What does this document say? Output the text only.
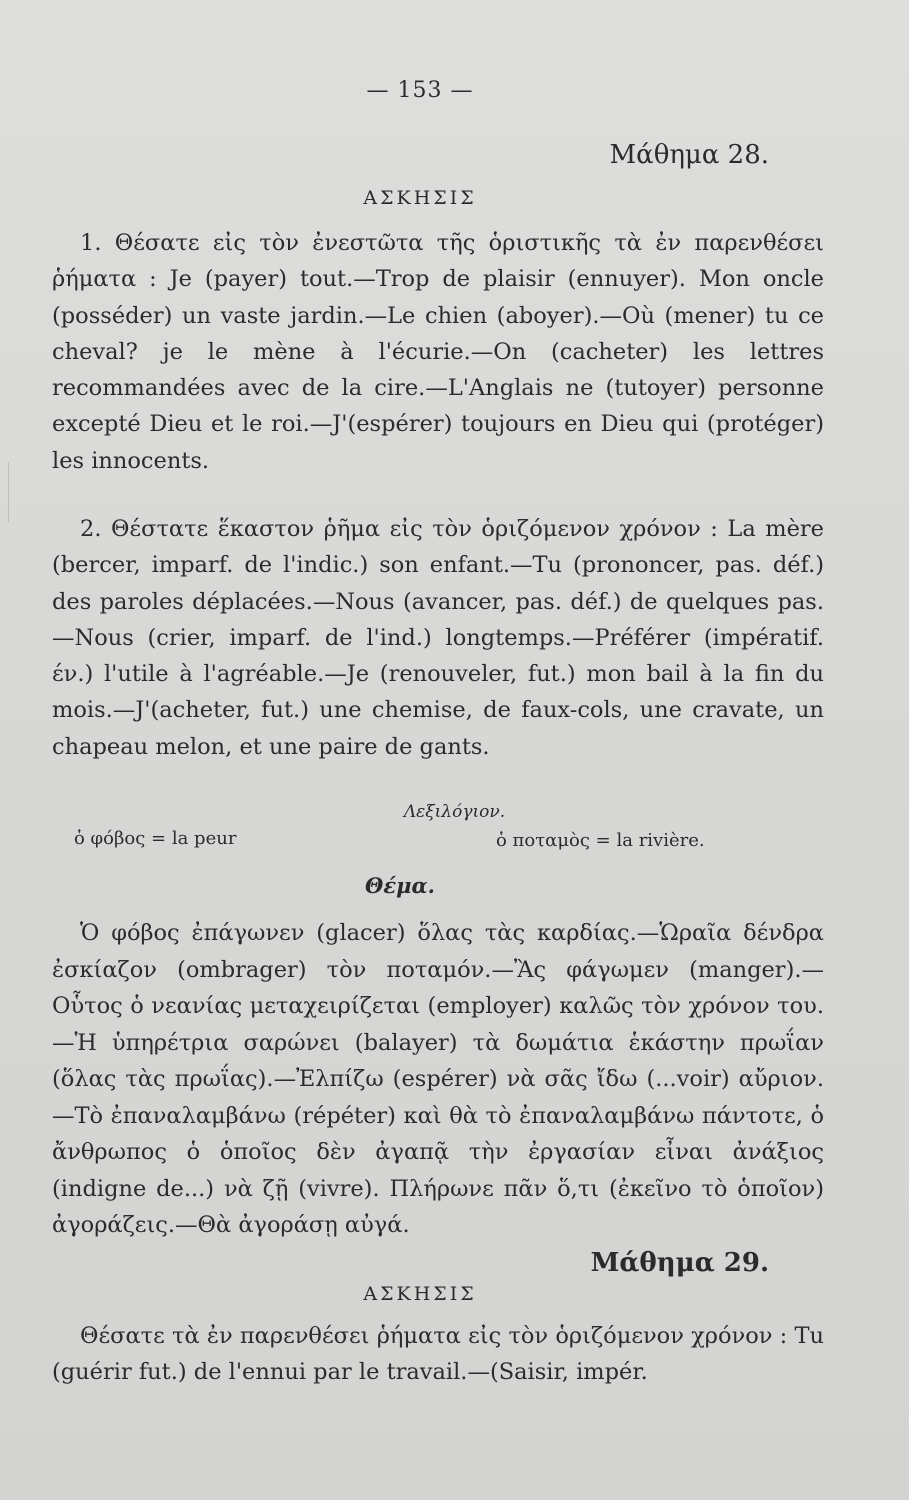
— 153 —
Μάθημα 28.
ΑΣΚΗΣΙΣ

1. Θέσατε εἰς τὸν ἐνεστῶτα τῆς ὁριστικῆς τὰ ἐν παρενθέσει ῥήματα : Je (payer) tout.—Trop de plaisir (ennuyer). Mon oncle (posséder) un vaste jardin.—Le chien (aboyer).—Où (mener) tu ce cheval? je le mène à l'écurie.—On (cacheter) les lettres recommandées avec de la cire.—L'Anglais ne (tutoyer) personne excepté Dieu et le roi.—J'(espérer) toujours en Dieu qui (protéger) les innocents.

2. Θέστατε ἕκαστον ῥῆμα εἰς τὸν ὁριζόμενον χρόνον : La mère (bercer, imparf. de l'indic.) son enfant.—Tu (prononcer, pas. déf.) des paroles déplacées.—Nous (avancer, pas. déf.) de quelques pas.—Nous (crier, imparf. de l'ind.) longtemps.—Préférer (impératif. έν.) l'utile à l'agréable.—Je (renouveler, fut.) mon bail à la fin du mois.—J'(acheter, fut.) une chemise, de faux-cols, une cravate, un chapeau melon, et une paire de gants.

Λεξιλόγιον.
ὁ φόβος = la peur	ὁ ποταμὸς = la rivière.
Θέμα.

Ὁ φόβος ἐπάγωνεν (glacer) ὅλας τὰς καρδίας.—Ὡραῖα δένδρα ἐσκίαζον (ombrager) τὸν ποταμόν.—Ἂς φάγωμεν (manger).—Οὗτος ὁ νεανίας μεταχειρίζεται (employer) καλῶς τὸν χρόνον του.—Ἡ ὑπηρέτρια σαρώνει (balayer) τὰ δωμάτια ἑκάστην πρωΐαν (ὅλας τὰς πρωΐας).—Ἐλπίζω (espérer) νὰ σᾶς ἴδω (...voir) αὔριον.—Τὸ ἐπαναλαμβάνω (répéter) καὶ θὰ τὸ ἐπαναλαμβάνω πάντοτε, ὁ ἄνθρωπος ὁ ὁποῖος δὲν ἀγαπᾷ τὴν ἐργασίαν εἶναι ἀνάξιος (indigne de...) νὰ ζῇ (vivre). Πλήρωνε πᾶν ὅ,τι (ἐκεῖνο τὸ ὁποῖον) ἀγοράζεις.—Θὰ ἀγοράσῃ αὐγά.

Μάθημα 29.
ΑΣΚΗΣΙΣ

Θέσατε τὰ ἐν παρενθέσει ῥήματα εἰς τὸν ὁριζόμενον χρόνον : Tu (guérir fut.) de l'ennui par le travail.—(Saisir, impér.
